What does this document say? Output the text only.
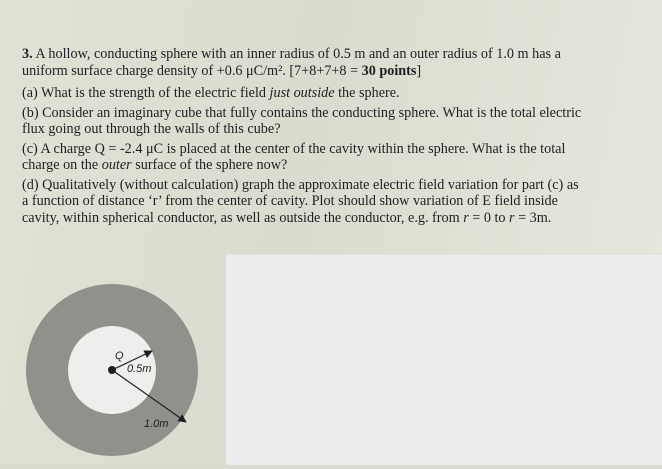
3. A hollow, conducting sphere with an inner radius of 0.5 m and an outer radius of 1.0 m has a
uniform surface charge density of +0.6 μC/m². [7+8+7+8 = 30 points]

(a) What is the strength of the electric field just outside the sphere.

(b) Consider an imaginary cube that fully contains the conducting sphere. What is the total electric
flux going out through the walls of this cube?

(c) A charge Q = -2.4 μC is placed at the center of the cavity within the sphere. What is the total
charge on the outer surface of the sphere now?

(d) Qualitatively (without calculation) graph the approximate electric field variation for part (c) as
a function of distance ‘r’ from the center of cavity. Plot should show variation of E field inside
cavity, within spherical conductor, as well as outside the conductor, e.g. from r = 0 to r = 3m.

Q
0.5m
1.0m
